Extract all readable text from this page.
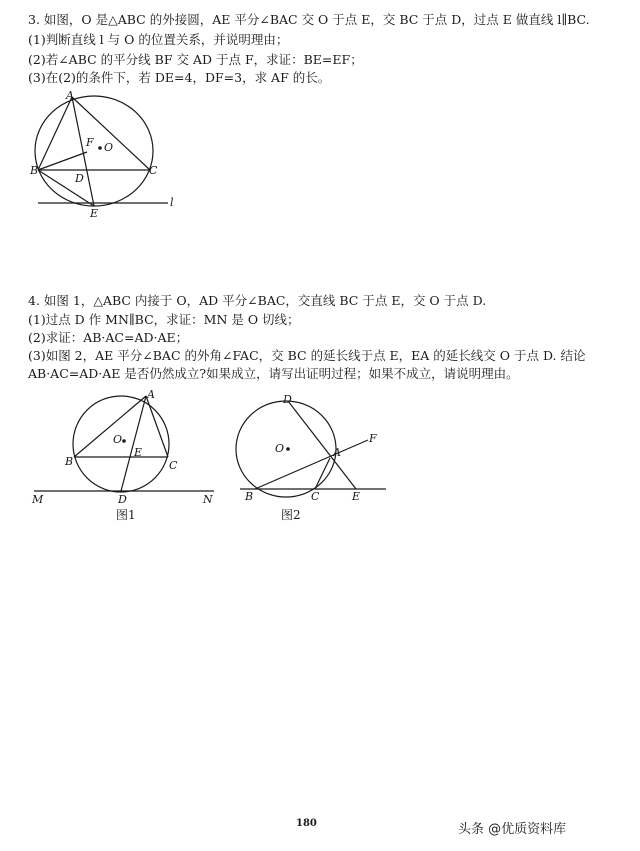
3. 如图，O 是△ABC 的外接圆，AE 平分∠BAC 交 O 于点 E，交 BC 于点 D，过点 E 做直线 l∥BC.
(1)判断直线 l 与 O 的位置关系，并说明理由；
(2)若∠ABC 的平分线 BF 交 AD 于点 F，求证：BE=EF；
(3)在(2)的条件下，若 DE=4，DF=3，求 AF 的长。
A
F O
B	C
D
E
l
4. 如图 1，△ABC 内接于 O，AD 平分∠BAC，交直线 BC 于点 E，交 O 于点 D.
(1)过点 D 作 MN∥BC，求证：MN 是 O 切线；
(2)求证：AB·AC=AD·AE；
(3)如图 2，AE 平分∠BAC 的外角∠FAC，交 BC 的延长线于点 E，EA 的延长线交 O 于点 D. 结论
AB·AC=AD·AE 是否仍然成立?如果成立，请写出证明过程；如果不成立，请说明理由。
A
O
E
B	C
D
M	N
图1
D
F
O	A
B	C	E
图2
180	头条 @优质资料库
